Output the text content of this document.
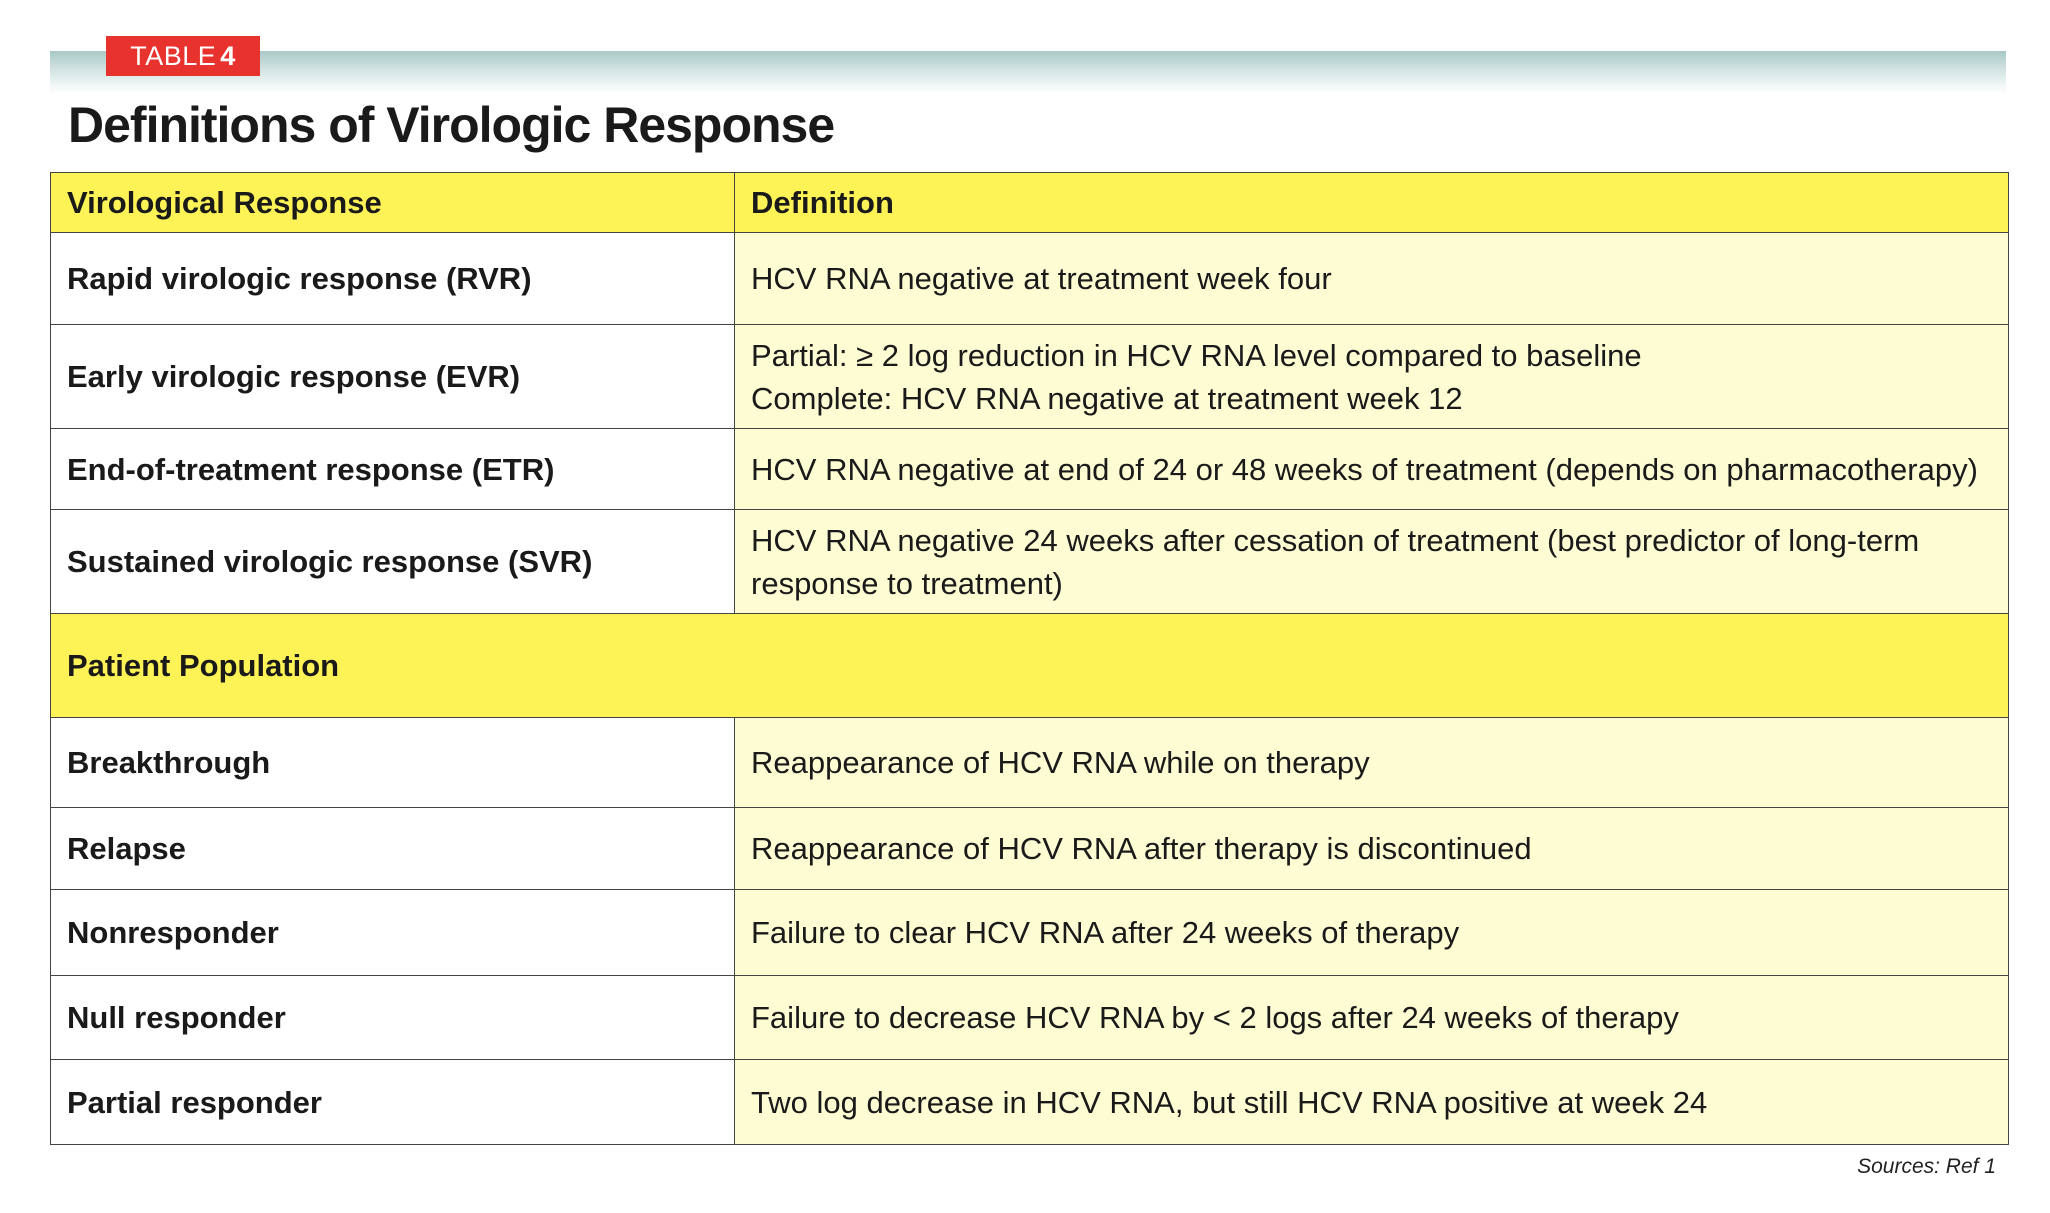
TABLE 4
Definitions of Virologic Response
Virological Response	Definition
Rapid virologic response (RVR)	HCV RNA negative at treatment week four
Early virologic response (EVR)	Partial: ≥ 2 log reduction in HCV RNA level compared to baseline
Complete: HCV RNA negative at treatment week 12

End-of-treatment response (ETR)	HCV RNA negative at end of 24 or 48 weeks of treatment (depends on pharmacotherapy)
Sustained virologic response (SVR)	HCV RNA negative 24 weeks after cessation of treatment (best predictor of long-term
response to treatment)

Patient Population	
Breakthrough	Reappearance of HCV RNA while on therapy
Relapse	Reappearance of HCV RNA after therapy is discontinued
Nonresponder	Failure to clear HCV RNA after 24 weeks of therapy
Null responder	Failure to decrease HCV RNA by < 2 logs after 24 weeks of therapy
Partial responder	Two log decrease in HCV RNA, but still HCV RNA positive at week 24
Sources: Ref 1
